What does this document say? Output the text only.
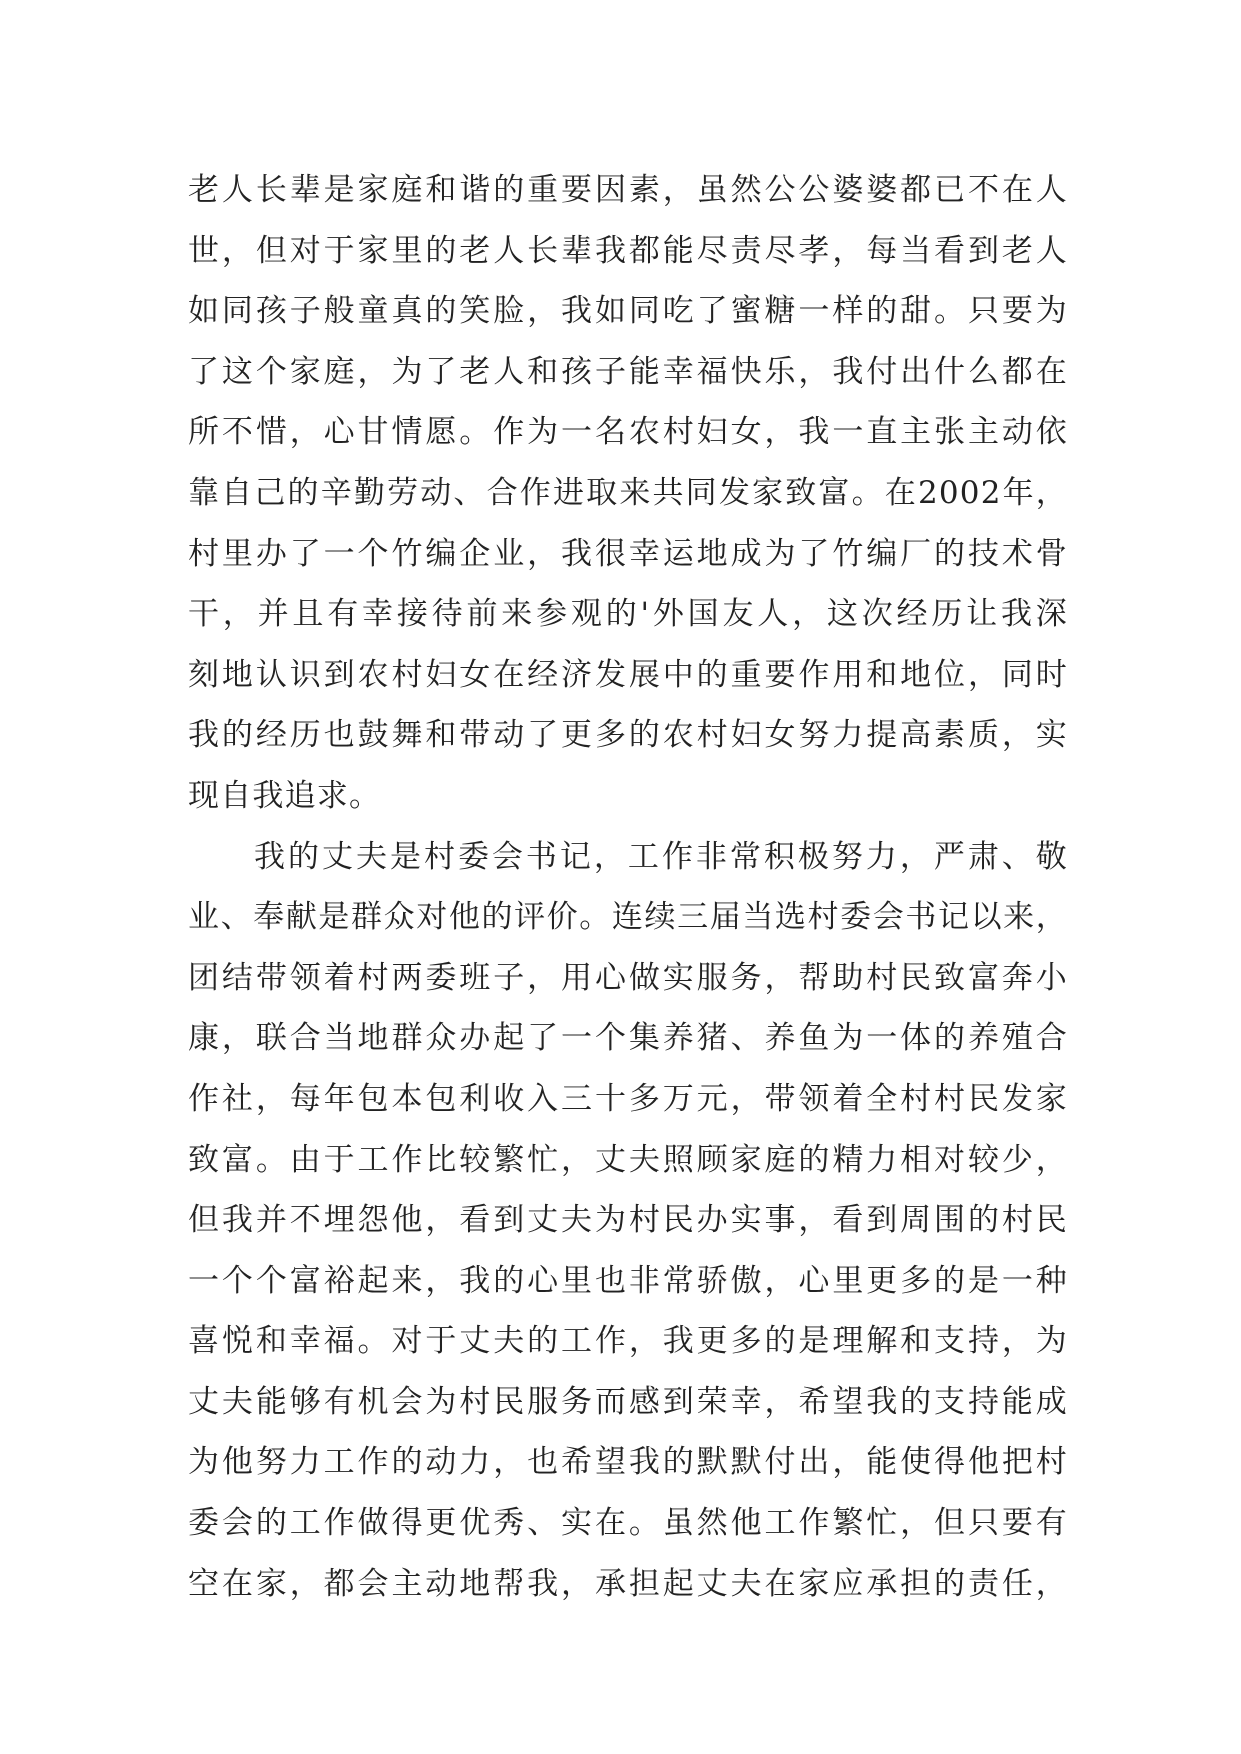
老人长辈是家庭和谐的重要因素，虽然公公婆婆都已不在人
世，但对于家里的老人长辈我都能尽责尽孝，每当看到老人
如同孩子般童真的笑脸，我如同吃了蜜糖一样的甜。只要为
了这个家庭，为了老人和孩子能幸福快乐，我付出什么都在
所不惜，心甘情愿。作为一名农村妇女，我一直主张主动依
靠自己的辛勤劳动、合作进取来共同发家致富。在2002年，
村里办了一个竹编企业，我很幸运地成为了竹编厂的技术骨
干，并且有幸接待前来参观的'外国友人，这次经历让我深
刻地认识到农村妇女在经济发展中的重要作用和地位，同时
我的经历也鼓舞和带动了更多的农村妇女努力提高素质，实
现自我追求。
我的丈夫是村委会书记，工作非常积极努力，严肃、敬
业、奉献是群众对他的评价。连续三届当选村委会书记以来，
团结带领着村两委班子，用心做实服务，帮助村民致富奔小
康，联合当地群众办起了一个集养猪、养鱼为一体的养殖合
作社，每年包本包利收入三十多万元，带领着全村村民发家
致富。由于工作比较繁忙，丈夫照顾家庭的精力相对较少，
但我并不埋怨他，看到丈夫为村民办实事，看到周围的村民
一个个富裕起来，我的心里也非常骄傲，心里更多的是一种
喜悦和幸福。对于丈夫的工作，我更多的是理解和支持，为
丈夫能够有机会为村民服务而感到荣幸，希望我的支持能成
为他努力工作的动力，也希望我的默默付出，能使得他把村
委会的工作做得更优秀、实在。虽然他工作繁忙，但只要有
空在家，都会主动地帮我，承担起丈夫在家应承担的责任，
